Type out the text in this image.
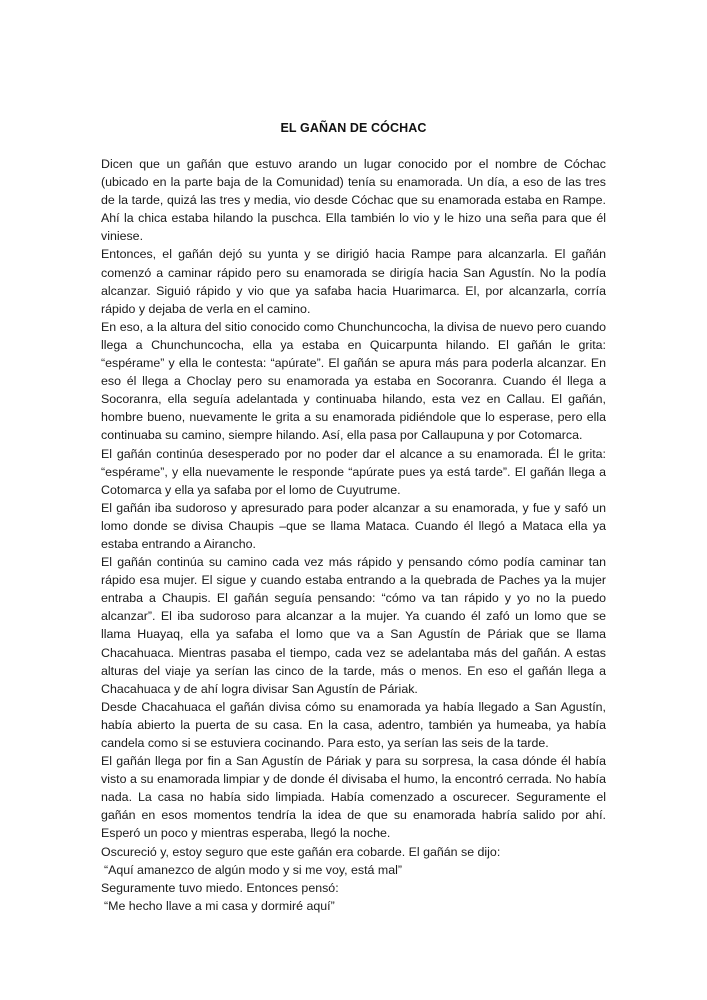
EL GAÑAN DE CÓCHAC

Dicen que un gañán que estuvo arando un lugar conocido por el nombre de Cóchac (ubicado en la parte baja de la Comunidad) tenía su enamorada. Un día, a eso de las tres de la tarde, quizá las tres y media, vio desde Cóchac que su enamorada estaba en Rampe. Ahí la chica estaba hilando la puschca. Ella también lo vio y le hizo una seña para que él viniese.

Entonces, el gañán dejó su yunta y se dirigió hacia Rampe para alcanzarla. El gañán comenzó a caminar rápido pero su enamorada se dirigía hacia San Agustín. No la podía alcanzar. Siguió rápido y vio que ya safaba hacia Huarimarca. El, por alcanzarla, corría rápido y dejaba de verla en el camino.

En eso, a la altura del sitio conocido como Chunchuncocha, la divisa de nuevo pero cuando llega a Chunchuncocha, ella ya estaba en Quicarpunta hilando. El gañán le grita: “espérame” y ella le contesta: “apúrate”. El gañán se apura más para poderla alcanzar. En eso él llega a Choclay pero su enamorada ya estaba en Socoranra. Cuando él llega a Socoranra, ella seguía adelantada y continuaba hilando, esta vez en Callau. El gañán, hombre bueno, nuevamente le grita a su enamorada pidiéndole que lo esperase, pero ella continuaba su camino, siempre hilando. Así, ella pasa por Callaupuna y por Cotomarca.

El gañán continúa desesperado por no poder dar el alcance a su enamorada. Él le grita: “espérame”, y ella nuevamente le responde “apúrate pues ya está tarde”. El gañán llega a Cotomarca y ella ya safaba por el lomo de Cuyutrume.

El gañán iba sudoroso y apresurado para poder alcanzar a su enamorada, y fue y safó un lomo donde se divisa Chaupis –que se llama Mataca. Cuando él llegó a Mataca ella ya estaba entrando a Airancho.

El gañán continúa su camino cada vez más rápido y pensando cómo podía caminar tan rápido esa mujer. El sigue y cuando estaba entrando a la quebrada de Paches ya la mujer entraba a Chaupis. El gañán seguía pensando: “cómo va tan rápido y yo no la puedo alcanzar”. El iba sudoroso para alcanzar a la mujer. Ya cuando él zafó un lomo que se llama Huayaq, ella ya safaba el lomo que va a San Agustín de Páriak que se llama Chacahuaca. Mientras pasaba el tiempo, cada vez se adelantaba más del gañán. A estas alturas del viaje ya serían las cinco de la tarde, más o menos. En eso el gañán llega a Chacahuaca y de ahí logra divisar San Agustín de Páriak.

Desde Chacahuaca el gañán divisa cómo su enamorada ya había llegado a San Agustín, había abierto la puerta de su casa. En la casa, adentro, también ya humeaba, ya había candela como si se estuviera cocinando. Para esto, ya serían las seis de la tarde.

El gañán llega por fin a San Agustín de Páriak y para su sorpresa, la casa dónde él había visto a su enamorada limpiar y de donde él divisaba el humo, la encontró cerrada. No había nada. La casa no había sido limpiada. Había comenzado a oscurecer. Seguramente el gañán en esos momentos tendría la idea de que su enamorada habría salido por ahí. Esperó un poco y mientras esperaba, llegó la noche.

Oscureció y, estoy seguro que este gañán era cobarde. El gañán se dijo:

“Aquí amanezco de algún modo y si me voy, está mal”

Seguramente tuvo miedo. Entonces pensó:

“Me hecho llave a mi casa y dormiré aquí”
